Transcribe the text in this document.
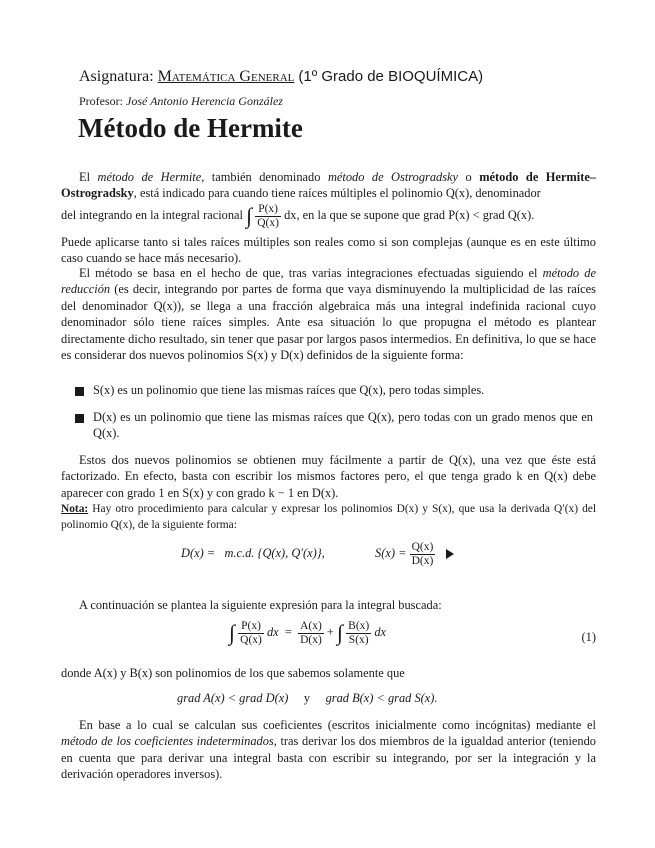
Asignatura: Matemática General (1º Grado de BIOQUÍMICA)
Profesor: José Antonio Herencia González
Método de Hermite
El método de Hermite, también denominado método de Ostrogradsky o método de Hermite–Ostrogradsky, está indicado para cuando tiene raíces múltiples el polinomio Q(x), denominador
del integrando en la integral racional ∫ $\frac{P(x)}{Q(x)}$ dx, en la que se supone que grad P(x) < grad Q(x).
Puede aplicarse tanto si tales raíces múltiples son reales como si son complejas (aunque es en este último caso cuando se hace más necesario).
El método se basa en el hecho de que, tras varias integraciones efectuadas siguiendo el método de reducción (es decir, integrando por partes de forma que vaya disminuyendo la multiplicidad de las raíces del denominador Q(x)), se llega a una fracción algebraica más una integral indefinida racional cuyo denominador sólo tiene raíces simples. Ante esa situación lo que propugna el método es plantear directamente dicho resultado, sin tener que pasar por largos pasos intermedios. En definitiva, lo que se hace es considerar dos nuevos polinomios S(x) y D(x) definidos de la siguiente forma:
S(x) es un polinomio que tiene las mismas raíces que Q(x), pero todas simples.
D(x) es un polinomio que tiene las mismas raíces que Q(x), pero todas con un grado menos que en Q(x).
Estos dos nuevos polinomios se obtienen muy fácilmente a partir de Q(x), una vez que éste está factorizado. En efecto, basta con escribir los mismos factores pero, el que tenga grado k en Q(x) debe aparecer con grado 1 en S(x) y con grado k − 1 en D(x).
Nota: Hay otro procedimiento para calcular y expresar los polinomios D(x) y S(x), que usa la derivada Q′(x) del polinomio Q(x), de la siguiente forma:
D(x) = m.c.d. {Q(x), Q′(x)},	$S(x) = \frac{Q(x)}{D(x)}$

A continuación se plantea la siguiente expresión para la integral buscada:
∫ $\frac{P(x)}{Q(x)}$ dx = $\frac{A(x)}{D(x)}$ + ∫ $\frac{B(x)}{S(x)}$ dx	(1)
donde A(x) y B(x) son polinomios de los que sabemos solamente que
grad A(x) < grad D(x) y grad B(x) < grad S(x).
En base a lo cual se calculan sus coeficientes (escritos inicialmente como incógnitas) mediante el método de los coeficientes indeterminados, tras derivar los dos miembros de la igualdad anterior (teniendo en cuenta que para derivar una integral basta con escribir su integrando, por ser la integración y la derivación operadores inversos).
